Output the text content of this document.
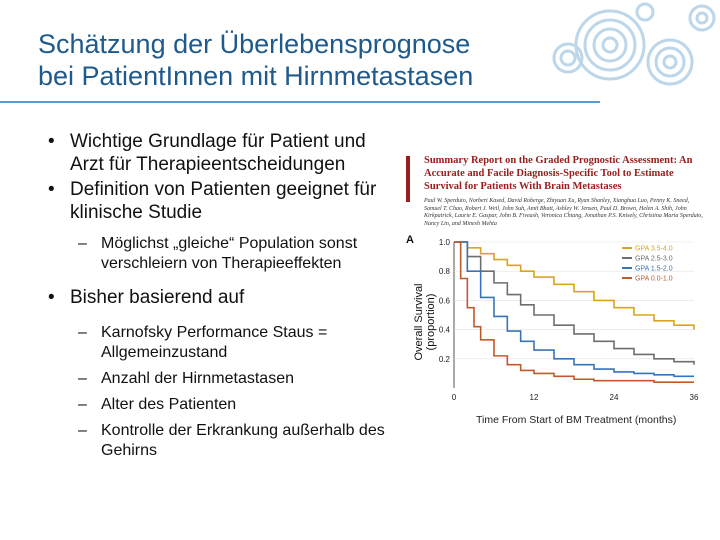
Schätzung der Überlebensprognose
bei PatientInnen mit Hirnmetastasen
• Wichtige Grundlage für Patient und Arzt für Therapieentscheidungen
• Definition von Patienten geeignet für klinische Studie
– Möglichst „gleiche“ Population sonst verschleiern von Therapieeffekten
• Bisher basierend auf
– Karnofsky Performance Staus = Allgemeinzustand
– Anzahl der Hirnmetastasen
– Alter des Patienten
– Kontrolle der Erkrankung außerhalb des Gehirns
Summary Report on the Graded Prognostic Assessment: An Accurate and Facile Diagnosis-Specific Tool to Estimate Survival for Patients With Brain Metastases
Paul W. Sperduto, Norbert Kased, David Roberge, Zhiyuan Xu, Ryan Shanley, Xianghua Luo, Penny K. Sneed, Samuel T. Chao, Robert J. Weil, John Suh, Amit Bhatt, Ashley W. Jensen, Paul D. Brown, Helen A. Shih, John Kirkpatrick, Laurie E. Gaspar, John B. Fiveash, Veronica Chiang, Jonathan P.S. Knisely, Christina Maria Sperduto, Nancy Lin, and Minesh Mehta
A
Overall Survival (proportion)
0.2
0.4
0.6
0.8
1.0
0	12	24	36
GPA 3.5-4.0
GPA 2.5-3.0
GPA 1.5-2.0
GPA 0.0-1.0
Time From Start of BM Treatment (months)
